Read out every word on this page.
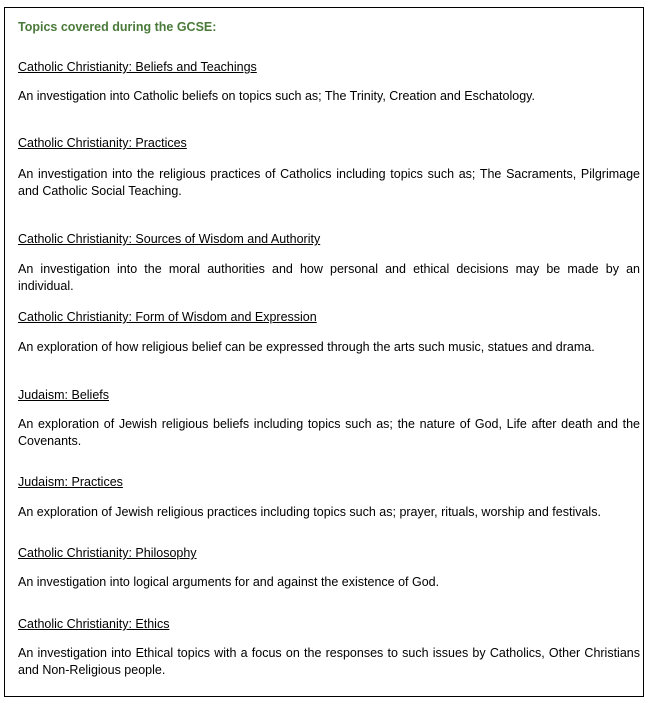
Topics covered during the GCSE:
Catholic Christianity: Beliefs and Teachings
An investigation into Catholic beliefs on topics such as; The Trinity, Creation and Eschatology.
Catholic Christianity: Practices
An investigation into the religious practices of Catholics including topics such as; The Sacraments, Pilgrimage and Catholic Social Teaching.
Catholic Christianity: Sources of Wisdom and Authority
An investigation into the moral authorities and how personal and ethical decisions may be made by an individual.
Catholic Christianity: Form of Wisdom and Expression
An exploration of how religious belief can be expressed through the arts such music, statues and drama.
Judaism: Beliefs
An exploration of Jewish religious beliefs including topics such as; the nature of God, Life after death and the Covenants.
Judaism: Practices
An exploration of Jewish religious practices including topics such as; prayer, rituals, worship and festivals.
Catholic Christianity: Philosophy
An investigation into logical arguments for and against the existence of God.
Catholic Christianity: Ethics
An investigation into Ethical topics with a focus on the responses to such issues by Catholics, Other Christians and Non-Religious people.
